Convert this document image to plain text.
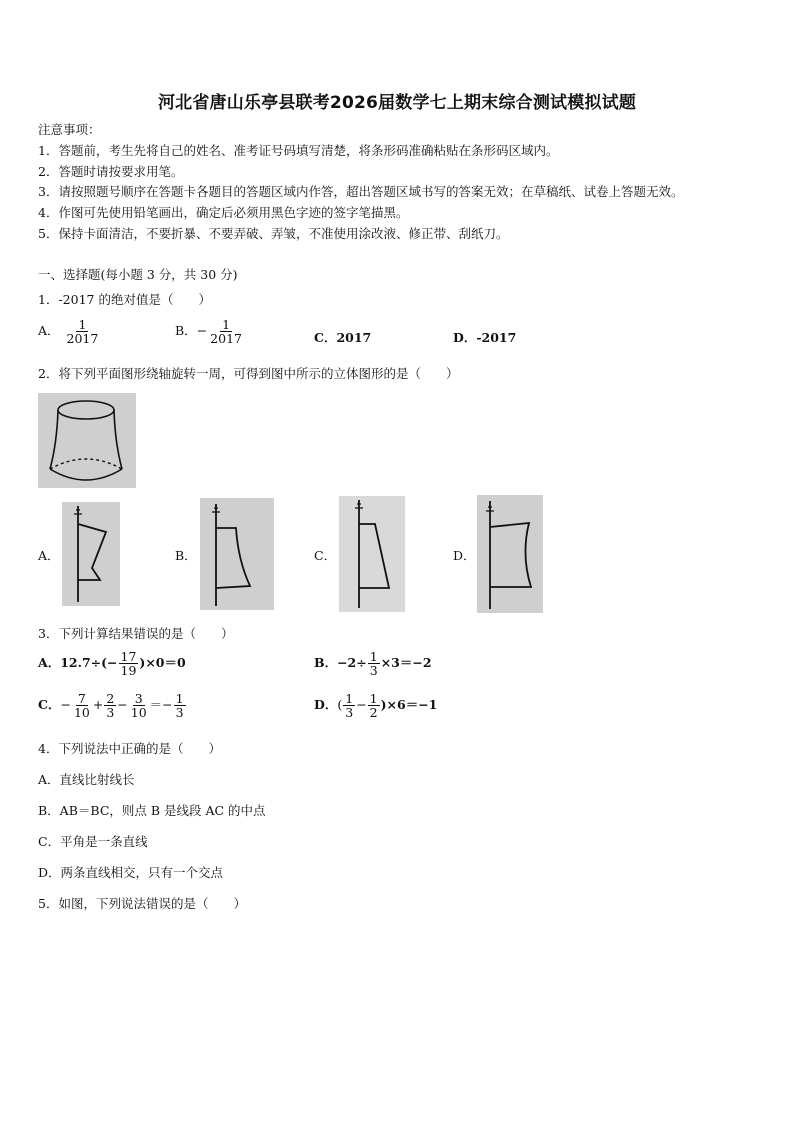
河北省唐山乐亭县联考2026届数学七上期末综合测试模拟试题
注意事项：
1．答题前，考生先将自己的姓名、准考证号码填写清楚，将条形码准确粘贴在条形码区域内。
2．答题时请按要求用笔。
3．请按照题号顺序在答题卡各题目的答题区域内作答，超出答题区域书写的答案无效；在草稿纸、试卷上答题无效。
4．作图可先使用铅笔画出，确定后必须用黑色字迹的签字笔描黑。
5．保持卡面清洁，不要折暴、不要弄破、弄皱，不准使用涂改液、修正带、刮纸刀。
一、选择题(每小题 3 分，共 30 分)
1．-2017 的绝对值是（　　）
A． $\frac{1}{2017}$	B．− $\frac{1}{2017}$	C．2017	D．-2017
2．将下列平面图形绕轴旋转一周，可得到图中所示的立体图形的是（　　）
A．	B．	C．	D．
3．下列计算结果错误的是（　　）
A．$12.7\div(- \frac{17}{19} )\times 0=0$	B．$-2\div \frac{1}{3} \times 3=-2$
C．− $\frac{7}{10} + \frac{2}{3} - \frac{3}{10} =- \frac{1}{3}$	D．( $\frac{1}{3} - \frac{1}{2} )\times 6=-1$
4．下列说法中正确的是（　　）
A．直线比射线长
B．AB＝BC，则点 B 是线段 AC 的中点
C．平角是一条直线
D．两条直线相交，只有一个交点
5．如图，下列说法错误的是（　　）
